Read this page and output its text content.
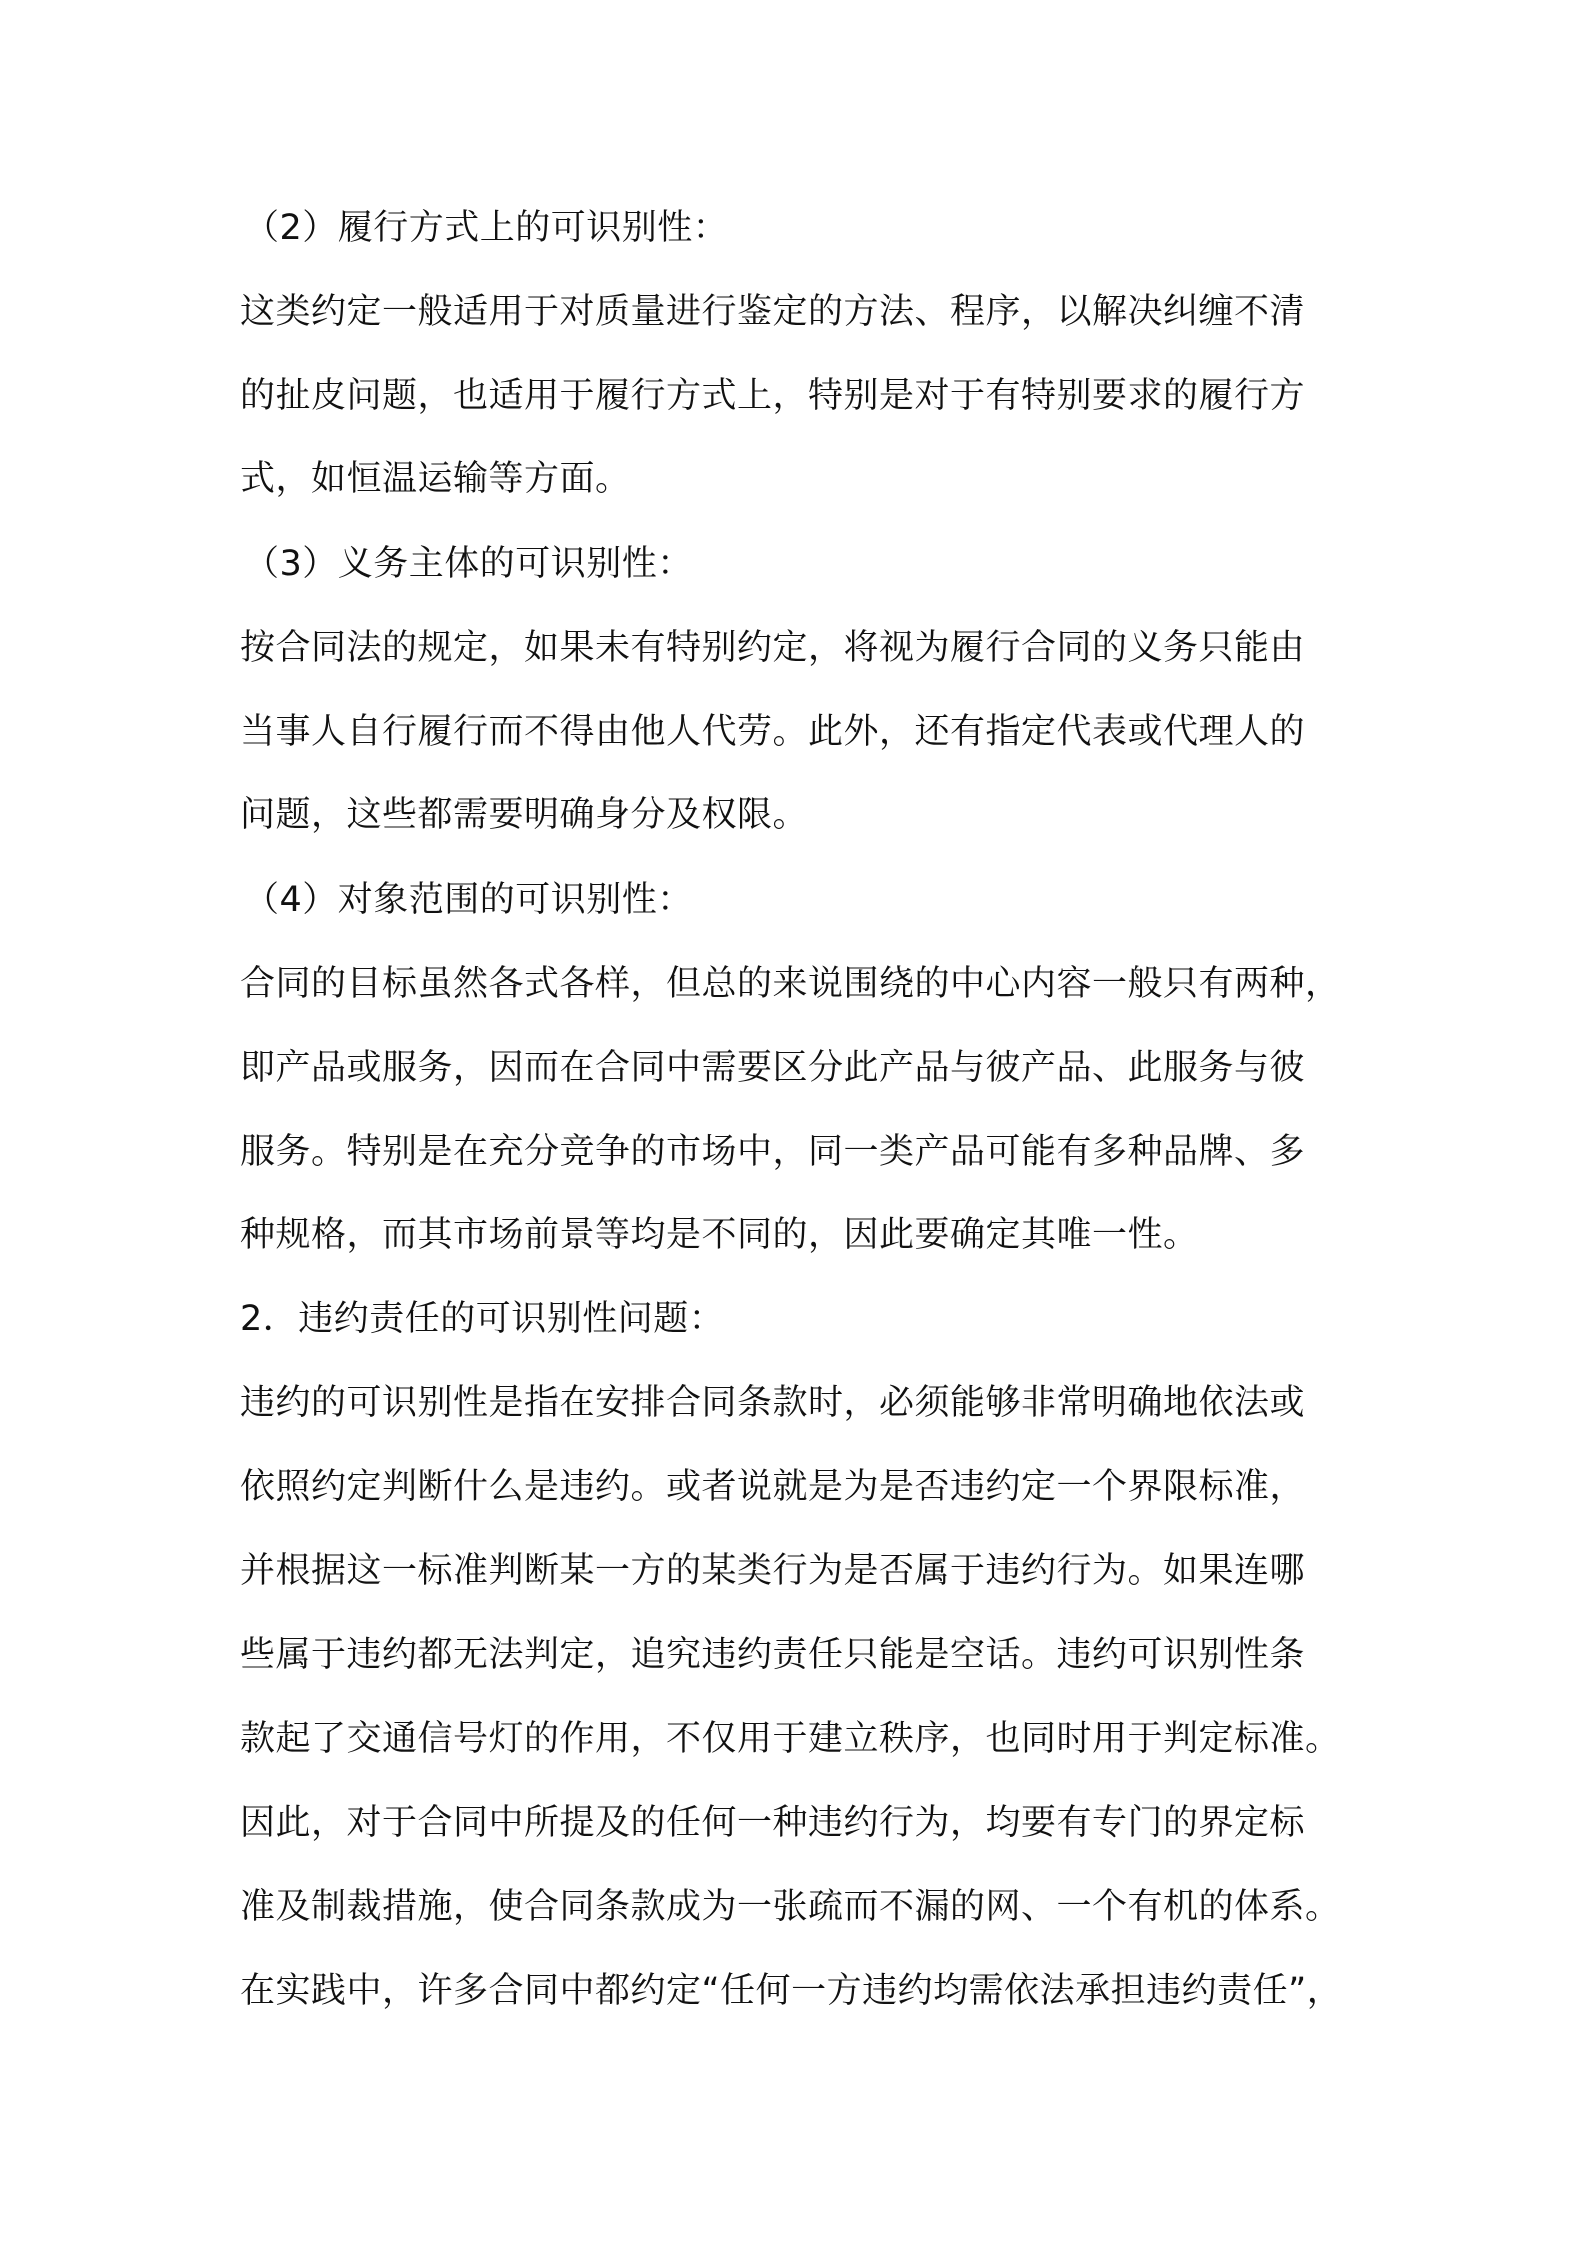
（2）履行方式上的可识别性：
这类约定一般适用于对质量进行鉴定的方法、程序，以解决纠缠不清
的扯皮问题，也适用于履行方式上，特别是对于有特别要求的履行方
式，如恒温运输等方面。
（3）义务主体的可识别性：
按合同法的规定，如果未有特别约定，将视为履行合同的义务只能由
当事人自行履行而不得由他人代劳。此外，还有指定代表或代理人的
问题，这些都需要明确身分及权限。
（4）对象范围的可识别性：
合同的目标虽然各式各样，但总的来说围绕的中心内容一般只有两种，
即产品或服务，因而在合同中需要区分此产品与彼产品、此服务与彼
服务。特别是在充分竞争的市场中，同一类产品可能有多种品牌、多
种规格，而其市场前景等均是不同的，因此要确定其唯一性。
2．违约责任的可识别性问题：
违约的可识别性是指在安排合同条款时，必须能够非常明确地依法或
依照约定判断什么是违约。或者说就是为是否违约定一个界限标准，
并根据这一标准判断某一方的某类行为是否属于违约行为。如果连哪
些属于违约都无法判定，追究违约责任只能是空话。违约可识别性条
款起了交通信号灯的作用，不仅用于建立秩序，也同时用于判定标准。
因此，对于合同中所提及的任何一种违约行为，均要有专门的界定标
准及制裁措施，使合同条款成为一张疏而不漏的网、一个有机的体系。
在实践中，许多合同中都约定“任何一方违约均需依法承担违约责任”，
